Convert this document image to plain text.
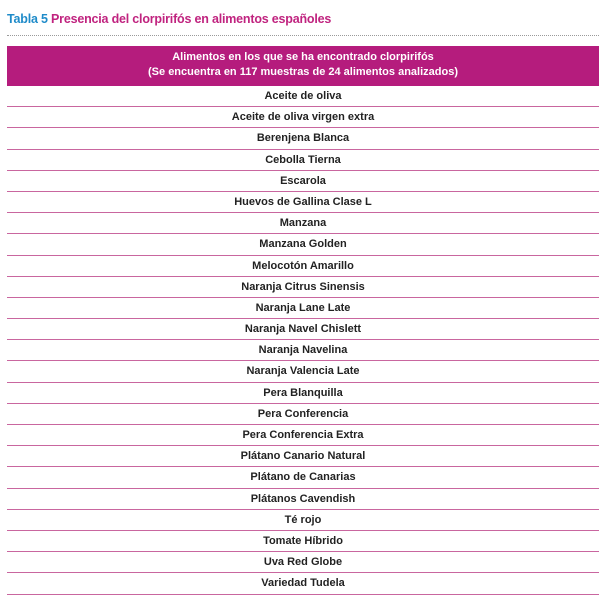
Tabla 5 Presencia del clorpirifós en alimentos españoles
Alimentos en los que se ha encontrado clorpirifós
(Se encuentra en 117 muestras de 24 alimentos analizados)
Aceite de oliva
Aceite de oliva virgen extra
Berenjena Blanca
Cebolla Tierna
Escarola
Huevos de Gallina Clase L
Manzana
Manzana Golden
Melocotón Amarillo
Naranja Citrus Sinensis
Naranja Lane Late
Naranja Navel Chislett
Naranja Navelina
Naranja Valencia Late
Pera Blanquilla
Pera Conferencia
Pera Conferencia Extra
Plátano Canario Natural
Plátano de Canarias
Plátanos Cavendish
Té rojo
Tomate Híbrido
Uva Red Globe
Variedad Tudela
